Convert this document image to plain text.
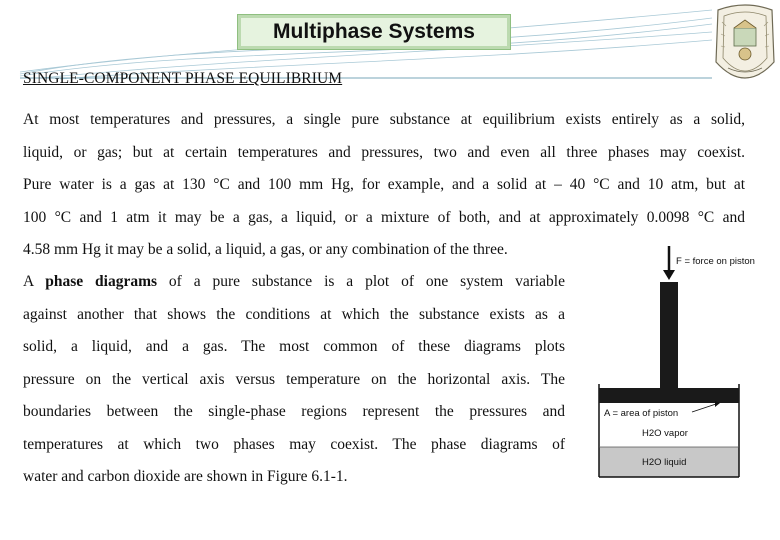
Multiphase Systems
SINGLE-COMPONENT PHASE EQUILIBRIUM
At most temperatures and pressures, a single pure substance at equilibrium exists entirely as a solid,
liquid, or gas; but at certain temperatures and pressures, two and even all three phases may coexist.
Pure water is a gas at 130 °C and 100 mm Hg, for example, and a solid at – 40 °C and 10 atm, but at
100 °C and 1 atm it may be a gas, a liquid, or a mixture of both, and at approximately 0.0098 °C and
4.58 mm Hg it may be a solid, a liquid, a gas, or any combination of the three.
A phase diagrams of a pure substance is a plot of one system variable
against another that shows the conditions at which the substance exists as a
solid, a liquid, and a gas. The most common of these diagrams plots
pressure on the vertical axis versus temperature on the horizontal axis. The
boundaries between the single-phase regions represent the pressures and
temperatures at which two phases may coexist. The phase diagrams of
water and carbon dioxide are shown in Figure 6.1-1.
F = force on piston
A = area of piston
H2O vapor
H2O liquid
